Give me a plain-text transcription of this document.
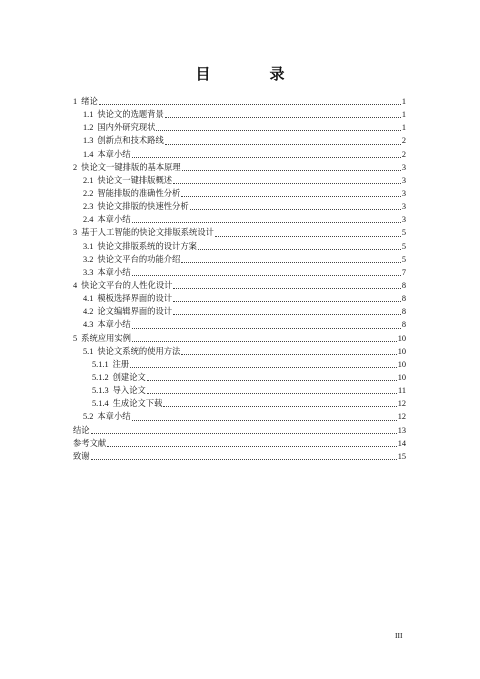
目　录
1 绪论	1
1.1 快论文的选题背景	1
1.2 国内外研究现状	1
1.3 创新点和技术路线	2
1.4 本章小结	2
2 快论文一键排版的基本原理	3
2.1 快论文一键排版概述	3
2.2 智能排版的准确性分析	3
2.3 快论文排版的快速性分析	3
2.4 本章小结	3
3 基于人工智能的快论文排版系统设计	5
3.1 快论文排版系统的设计方案	5
3.2 快论文平台的功能介绍	5
3.3 本章小结	7
4 快论文平台的人性化设计	8
4.1 模板选择界面的设计	8
4.2 论文编辑界面的设计	8
4.3 本章小结	8
5 系统应用实例	10
5.1 快论文系统的使用方法	10
5.1.1 注册	10
5.1.2 创建论文	10
5.1.3 导入论文	11
5.1.4 生成论文下载	12
5.2 本章小结	12
结论	13
参考文献	14
致谢	15
III
